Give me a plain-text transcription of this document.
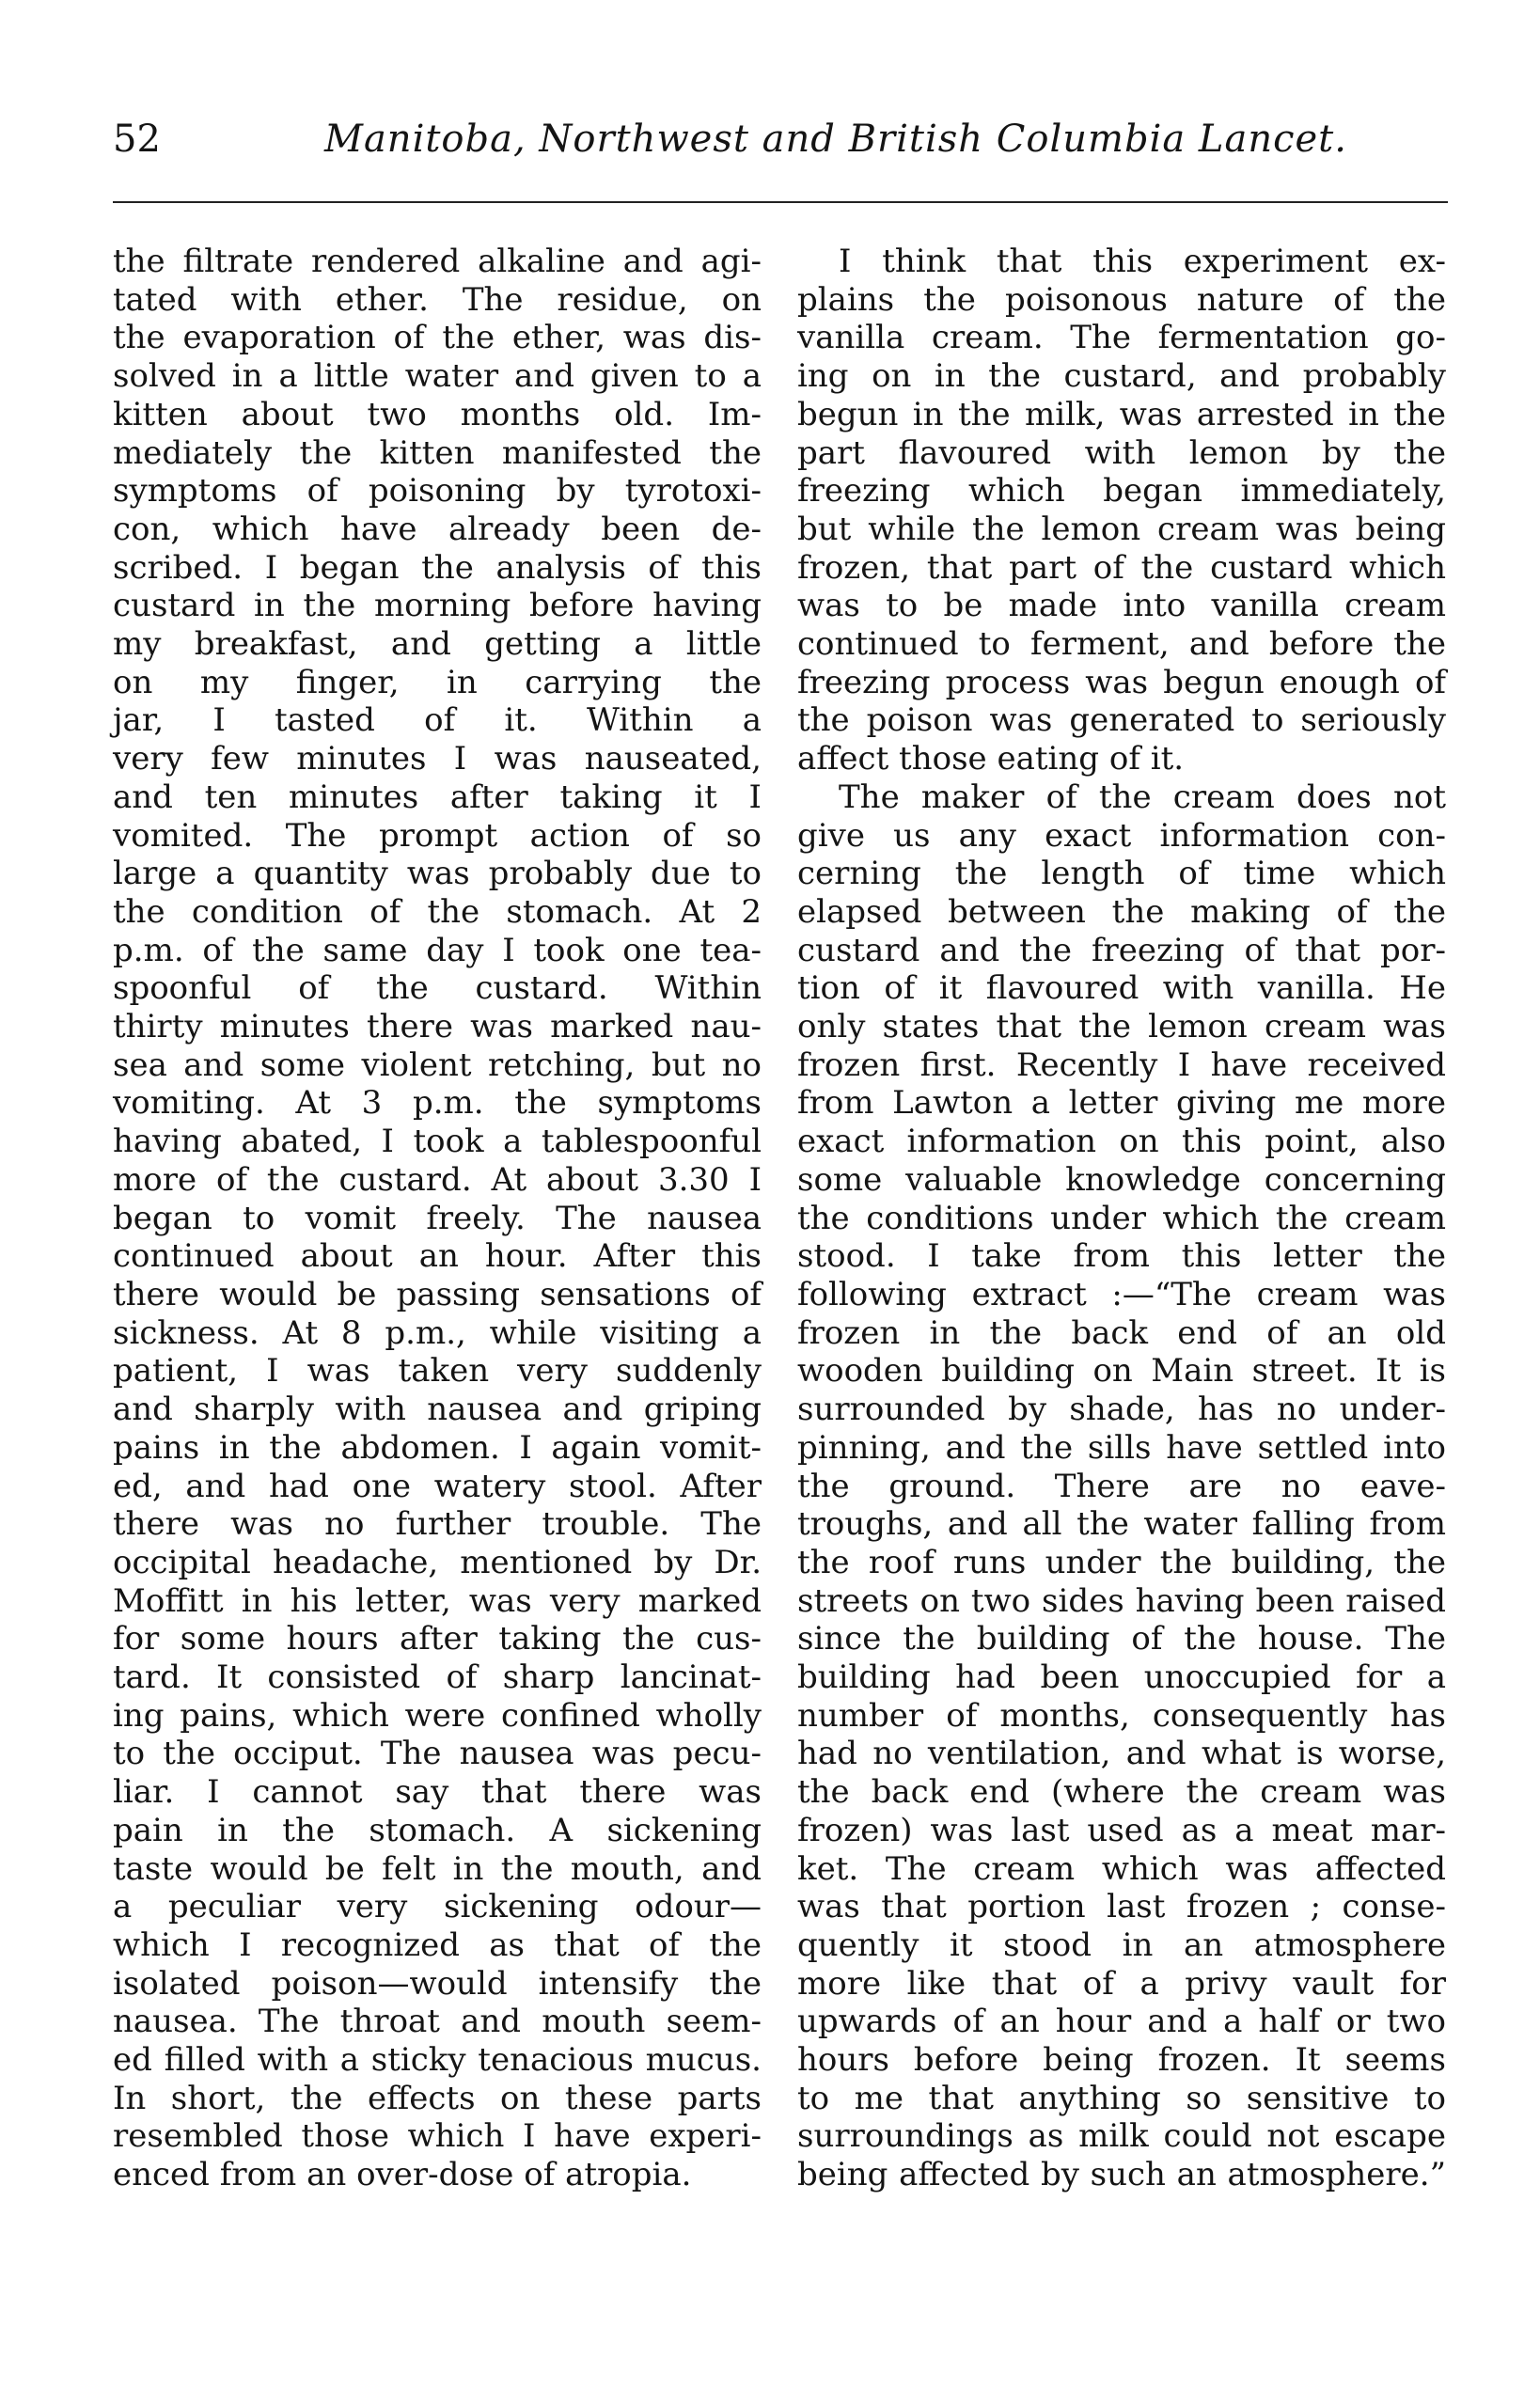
52	Manitoba, Northwest and British Columbia Lancet.
the filtrate rendered alkaline and agi-
tated with ether. The residue, on
the evaporation of the ether, was dis-
solved in a little water and given to a
kitten about two months old. Im-
mediately the kitten manifested the
symptoms of poisoning by tyrotoxi-
con, which have already been de-
scribed. I began the analysis of this
custard in the morning before having
my breakfast, and getting a little
on my finger, in carrying the
jar, I tasted of it. Within a
very few minutes I was nauseated,
and ten minutes after taking it I
vomited. The prompt action of so
large a quantity was probably due to
the condition of the stomach. At 2
p.m. of the same day I took one tea-
spoonful of the custard. Within
thirty minutes there was marked nau-
sea and some violent retching, but no
vomiting. At 3 p.m. the symptoms
having abated, I took a tablespoonful
more of the custard. At about 3.30 I
began to vomit freely. The nausea
continued about an hour. After this
there would be passing sensations of
sickness. At 8 p.m., while visiting a
patient, I was taken very suddenly
and sharply with nausea and griping
pains in the abdomen. I again vomit-
ed, and had one watery stool. After
there was no further trouble. The
occipital headache, mentioned by Dr.
Moffitt in his letter, was very marked
for some hours after taking the cus-
tard. It consisted of sharp lancinat-
ing pains, which were confined wholly
to the occiput. The nausea was pecu-
liar. I cannot say that there was
pain in the stomach. A sickening
taste would be felt in the mouth, and
a peculiar very sickening odour—
which I recognized as that of the
isolated poison—would intensify the
nausea. The throat and mouth seem-
ed filled with a sticky tenacious mucus.
In short, the effects on these parts
resembled those which I have experi-
enced from an over-dose of atropia.
I think that this experiment ex-
plains the poisonous nature of the
vanilla cream. The fermentation go-
ing on in the custard, and probably
begun in the milk, was arrested in the
part flavoured with lemon by the
freezing which began immediately,
but while the lemon cream was being
frozen, that part of the custard which
was to be made into vanilla cream
continued to ferment, and before the
freezing process was begun enough of
the poison was generated to seriously
affect those eating of it.
The maker of the cream does not
give us any exact information con-
cerning the length of time which
elapsed between the making of the
custard and the freezing of that por-
tion of it flavoured with vanilla. He
only states that the lemon cream was
frozen first. Recently I have received
from Lawton a letter giving me more
exact information on this point, also
some valuable knowledge concerning
the conditions under which the cream
stood. I take from this letter the
following extract :—“The cream was
frozen in the back end of an old
wooden building on Main street. It is
surrounded by shade, has no under-
pinning, and the sills have settled into
the ground. There are no eave-
troughs, and all the water falling from
the roof runs under the building, the
streets on two sides having been raised
since the building of the house. The
building had been unoccupied for a
number of months, consequently has
had no ventilation, and what is worse,
the back end (where the cream was
frozen) was last used as a meat mar-
ket. The cream which was affected
was that portion last frozen ; conse-
quently it stood in an atmosphere
more like that of a privy vault for
upwards of an hour and a half or two
hours before being frozen. It seems
to me that anything so sensitive to
surroundings as milk could not escape
being affected by such an atmosphere.”
